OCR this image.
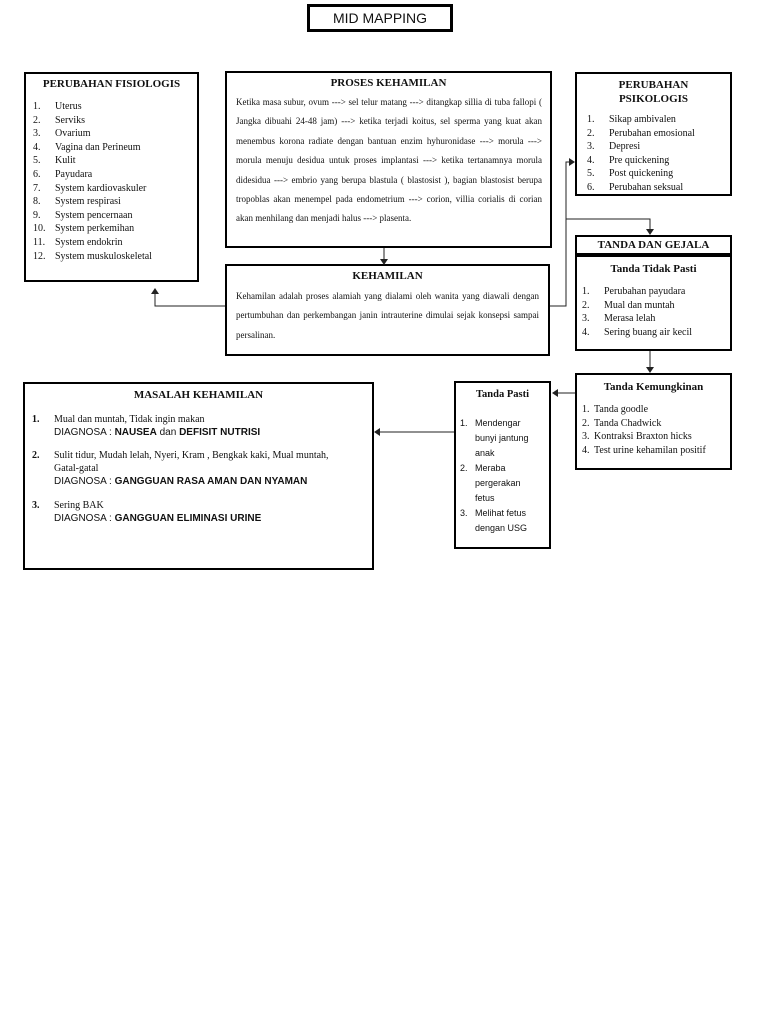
MID MAPPING
PERUBAHAN FISIOLOGIS
1. Uterus
2. Serviks
3. Ovarium
4. Vagina dan Perineum
5. Kulit
6. Payudara
7. System kardiovaskuler
8. System respirasi
9. System pencernaan
10. System perkemihan
11. System endokrin
12. System muskuloskeletal
PROSES KEHAMILAN
Ketika masa subur, ovum ---> sel telur matang ---> ditangkap sillia di tuba fallopi ( Jangka dibuahi 24-48 jam) ---> ketika terjadi koitus, sel sperma yang kuat akan menembus korona radiate dengan bantuan enzim hyhuronidase ---> morula ---> morula menuju desidua untuk proses implantasi ---> ketika tertanamnya morula didesidua ---> embrio yang berupa blastula ( blastosist ), bagian blastosist berupa tropoblas akan menempel pada endometrium ---> corion, villia corialis di corian akan menhilang dan menjadi halus ---> plasenta.
PERUBAHAN
PSIKOLOGIS
1. Sikap ambivalen
2. Perubahan emosional
3. Depresi
4. Pre quickening
5. Post quickening
6. Perubahan seksual
TANDA DAN GEJALA
Tanda Tidak Pasti
1. Perubahan payudara
2. Mual dan muntah
3. Merasa lelah
4. Sering buang air kecil
KEHAMILAN
Kehamilan adalah proses alamiah yang dialami oleh wanita yang diawali dengan pertumbuhan dan perkembangan janin intrauterine dimulai sejak konsepsi sampai persalinan.
Tanda Kemungkinan
1. Tanda goodle
2. Tanda Chadwick
3. Kontraksi Braxton hicks
4. Test urine kehamilan positif
Tanda Pasti
1. Mendengar
bunyi jantung
anak
2. Meraba
pergerakan
fetus
3. Melihat fetus
dengan USG
MASALAH KEHAMILAN
1.	Mual dan muntah, Tidak ingin makan
DIAGNOSA : NAUSEA dan DEFISIT NUTRISI
2.	Sulit tidur, Mudah lelah, Nyeri, Kram , Bengkak kaki, Mual muntah,
Gatal-gatal
DIAGNOSA : GANGGUAN RASA AMAN DAN NYAMAN
3.	Sering BAK
DIAGNOSA : GANGGUAN ELIMINASI URINE
